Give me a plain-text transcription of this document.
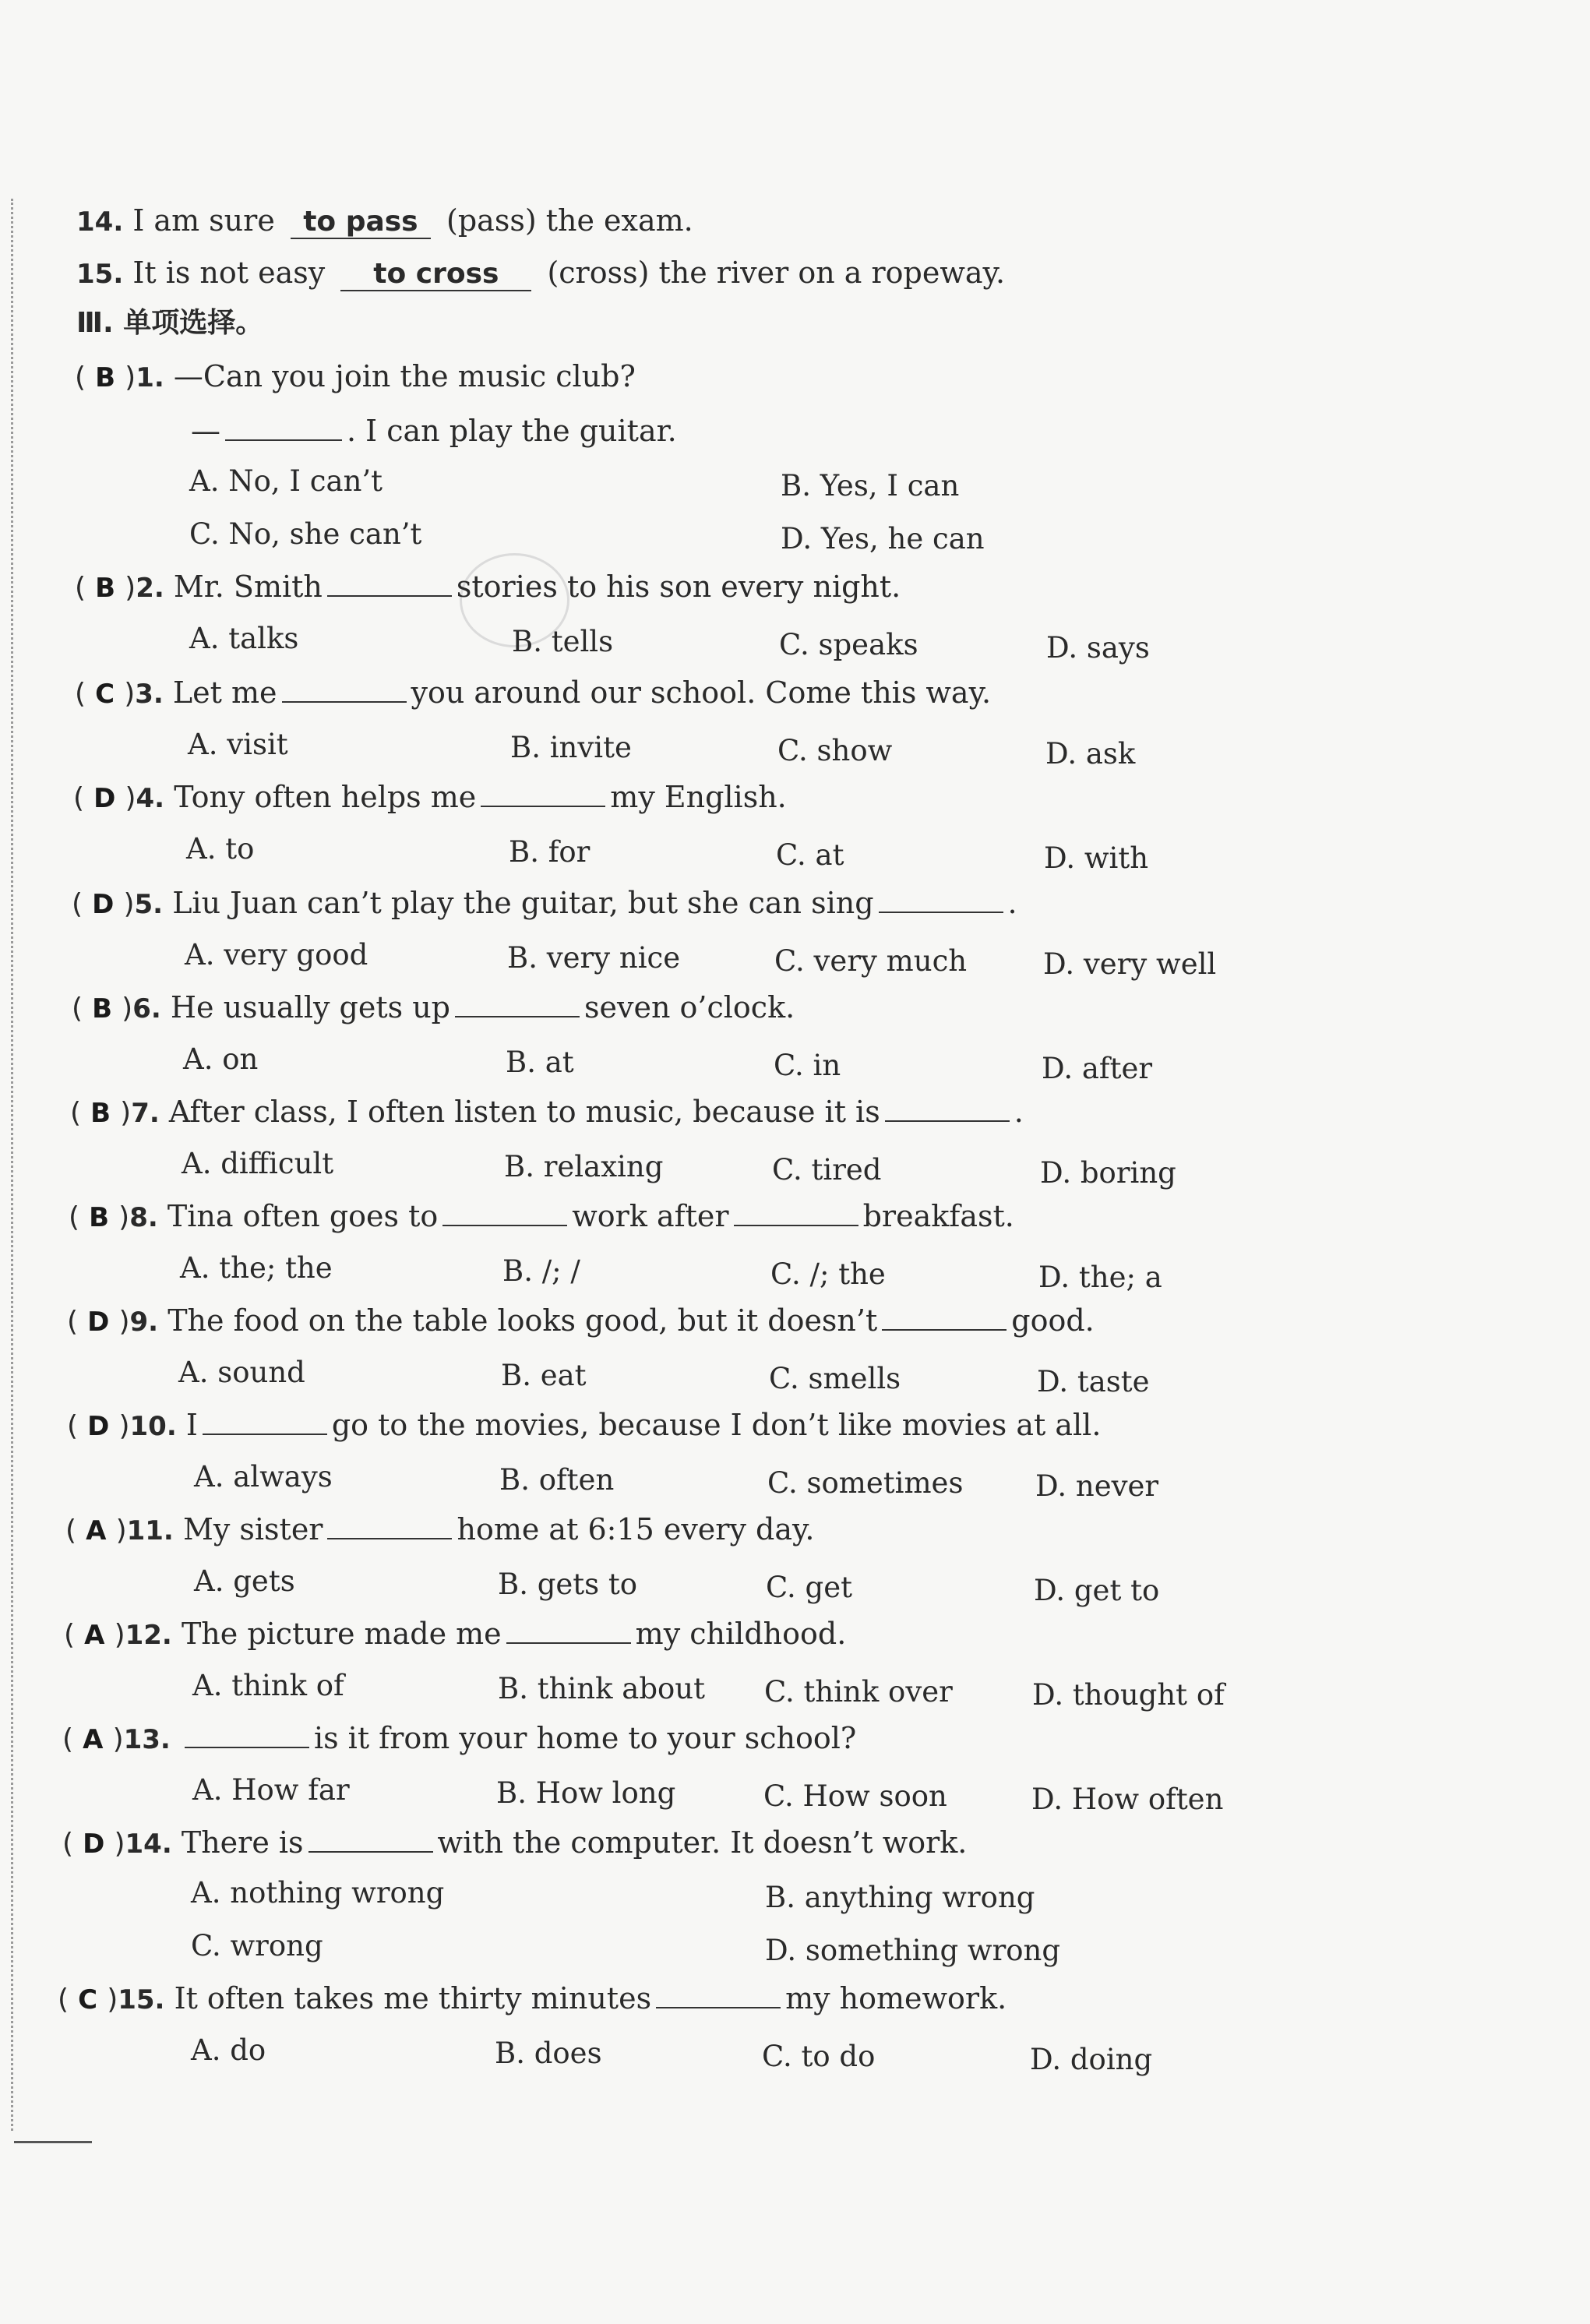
14. I am sure to pass (pass) the exam.
15. It is not easy to cross (cross) the river on a ropeway.
Ⅲ. 单项选择。
( B )1. —Can you join the music club?
—	. I can play the guitar.
A. No, I can’t	B. Yes, I can
C. No, she can’t	D. Yes, he can
( B )2. Mr. Smith	stories to his son every night.
A. talks	B. tells	C. speaks	D. says
( C )3. Let me	you around our school. Come this way.
A. visit	B. invite	C. show	D. ask
( D )4. Tony often helps me	my English.
A. to	B. for	C. at	D. with
( D )5. Liu Juan can’t play the guitar, but she can sing	.
A. very good	B. very nice	C. very much	D. very well
( B )6. He usually gets up	seven o’clock.
A. on	B. at	C. in	D. after
( B )7. After class, I often listen to music, because it is	.
A. difficult	B. relaxing	C. tired	D. boring
( B )8. Tina often goes to	work after	breakfast.
A. the; the	B. /; /	C. /; the	D. the; a
( D )9. The food on the table looks good, but it doesn’t	good.
A. sound	B. eat	C. smells	D. taste
( D )10. I	go to the movies, because I don’t like movies at all.
A. always	B. often	C. sometimes	D. never
( A )11. My sister	home at 6:15 every day.
A. gets	B. gets to	C. get	D. get to
( A )12. The picture made me	my childhood.
A. think of	B. think about C. think over	D. thought of
( A )13.	is it from your home to your school?
A. How far	B. How long	C. How soon	D. How often
( D )14. There is	with the computer. It doesn’t work.
A. nothing wrong	B. anything wrong
C. wrong	D. something wrong
( C )15. It often takes me thirty minutes	my homework.
A. do	B. does	C. to do	D. doing
